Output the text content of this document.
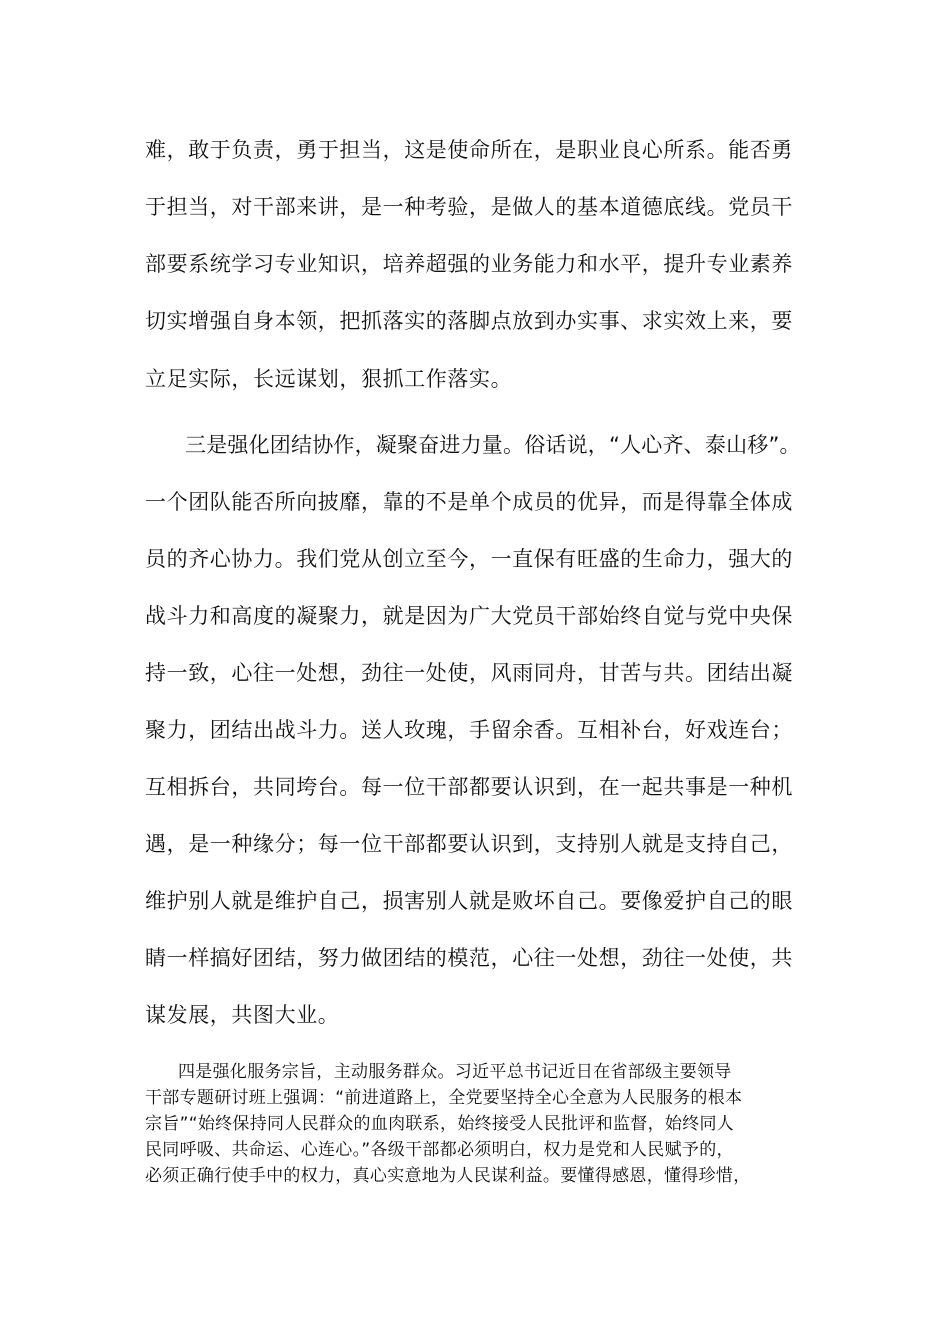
难，敢于负责，勇于担当，这是使命所在，是职业良心所系。能否勇
于担当，对干部来讲，是一种考验，是做人的基本道德底线。党员干
部要系统学习专业知识，培养超强的业务能力和水平，提升专业素养
切实增强自身本领，把抓落实的落脚点放到办实事、求实效上来，要
立足实际，长远谋划，狠抓工作落实。
三是强化团结协作，凝聚奋进力量。俗话说，“人心齐、泰山移”。
一个团队能否所向披靡，靠的不是单个成员的优异，而是得靠全体成
员的齐心协力。我们党从创立至今，一直保有旺盛的生命力，强大的
战斗力和高度的凝聚力，就是因为广大党员干部始终自觉与党中央保
持一致，心往一处想，劲往一处使，风雨同舟，甘苦与共。团结出凝
聚力，团结出战斗力。送人玫瑰，手留余香。互相补台，好戏连台；
互相拆台，共同垮台。每一位干部都要认识到，在一起共事是一种机
遇，是一种缘分；每一位干部都要认识到，支持别人就是支持自己，
维护别人就是维护自己，损害别人就是败坏自己。要像爱护自己的眼
睛一样搞好团结，努力做团结的模范，心往一处想，劲往一处使，共
谋发展，共图大业。
四是强化服务宗旨，主动服务群众。习近平总书记近日在省部级主要领导
干部专题研讨班上强调：“前进道路上，全党要坚持全心全意为人民服务的根本
宗旨”“始终保持同人民群众的血肉联系，始终接受人民批评和监督，始终同人
民同呼吸、共命运、心连心。”各级干部都必须明白，权力是党和人民赋予的，
必须正确行使手中的权力，真心实意地为人民谋利益。要懂得感恩，懂得珍惜，
